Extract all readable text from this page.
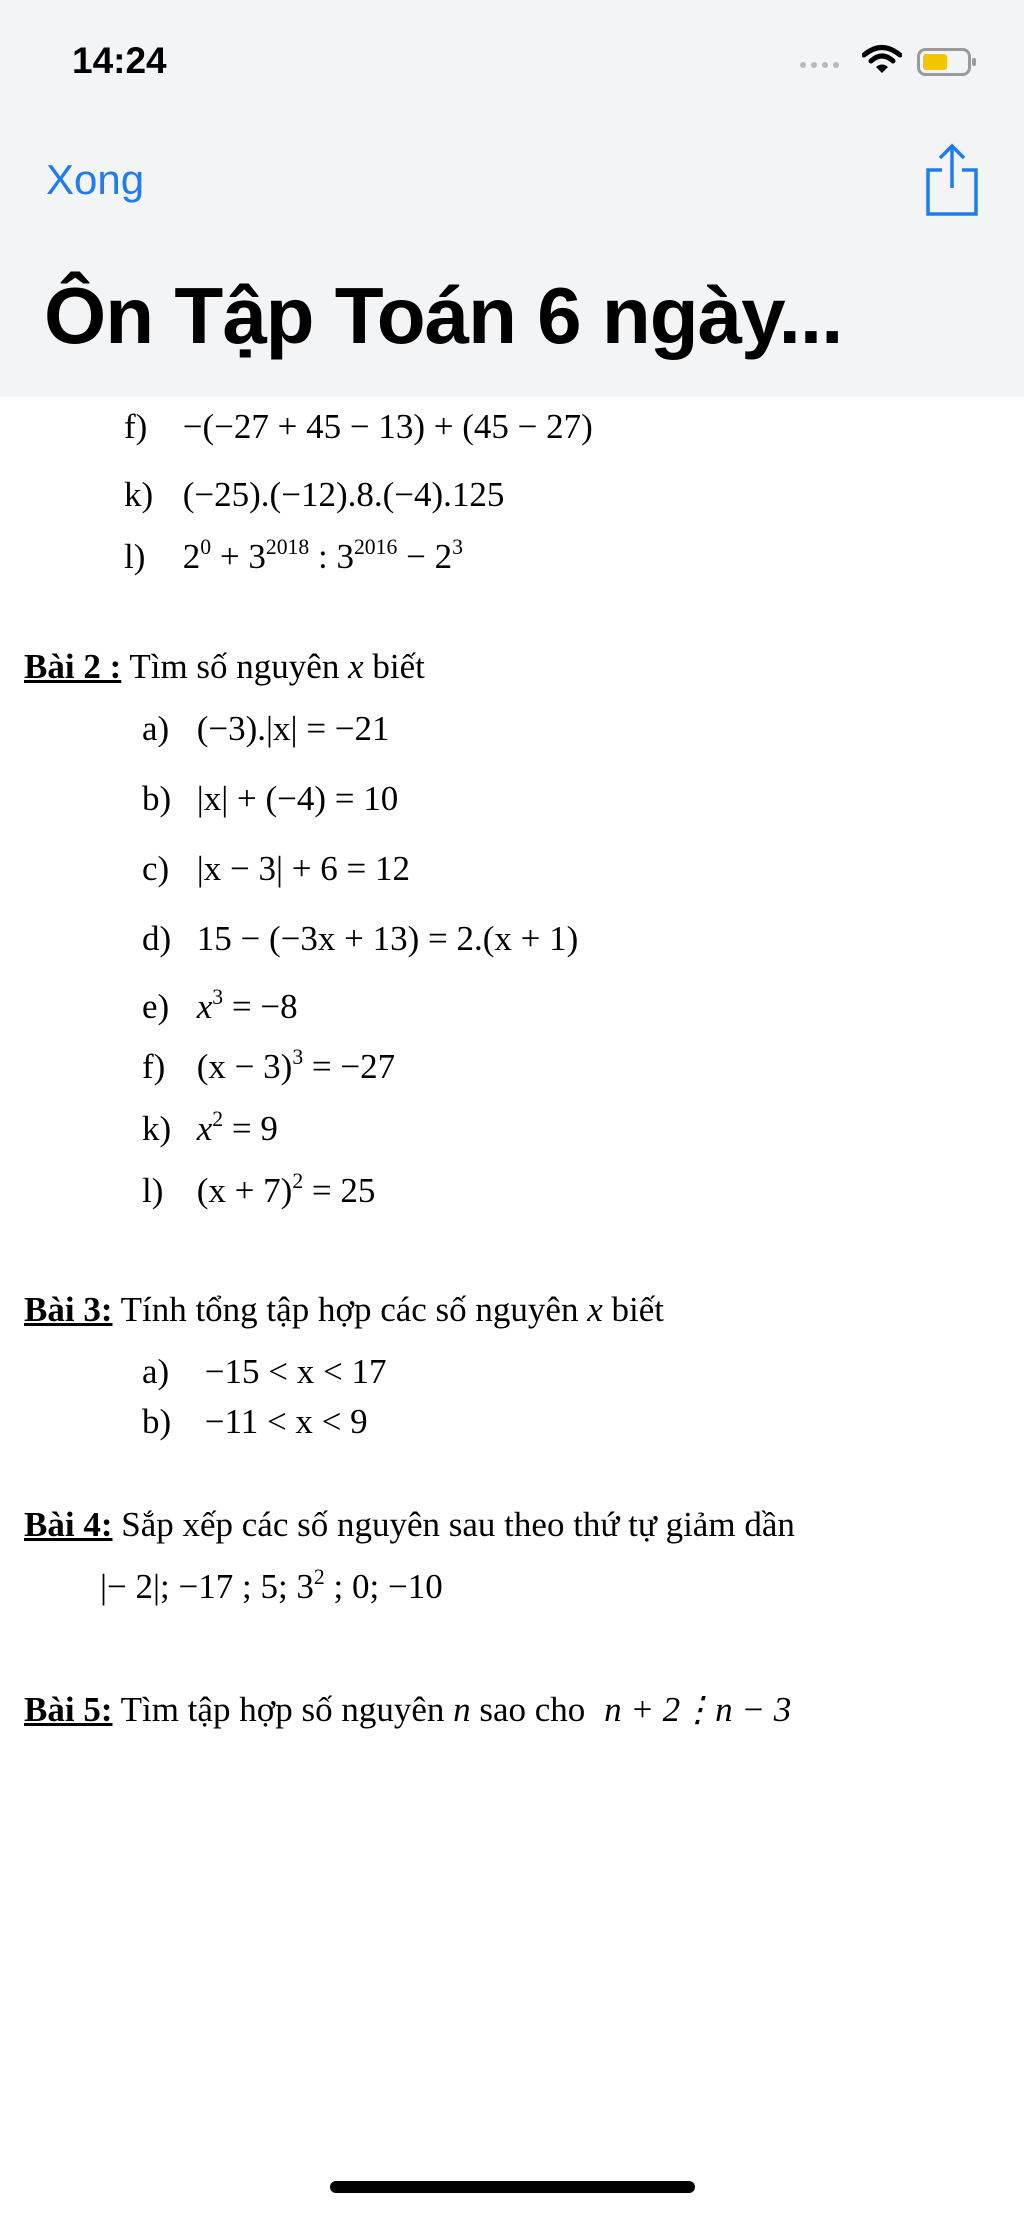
14:24
Xong
Ôn Tập Toán 6 ngày...
f) −(−27 + 45 − 13) + (45 − 27)
k) (−25).(−12).8.(−4).125
l) $2^0 + 3^{2018}$ : $3^{2016} - 2^3$
Bài 2 : Tìm số nguyên x biết
a) (−3).|x| = −21
b) |x| + (−4) = 10
c) |x − 3| + 6 = 12
d) 15 − (−3x + 13) = 2.(x + 1)
e) $x^3 = -8$
f) $(x - 3)^3 = -27$
k) $x^2 = 9$
l) $(x + 7)^2 = 25$
Bài 3: Tính tổng tập hợp các số nguyên x biết
a) −15 < x < 17
b) −11 < x < 9
Bài 4: Sắp xếp các số nguyên sau theo thứ tự giảm dần
|− 2|; −17 ; 5; $3^2$ ; 0; −10
Bài 5: Tìm tập hợp số nguyên n sao cho n + 2⋮n − 3
